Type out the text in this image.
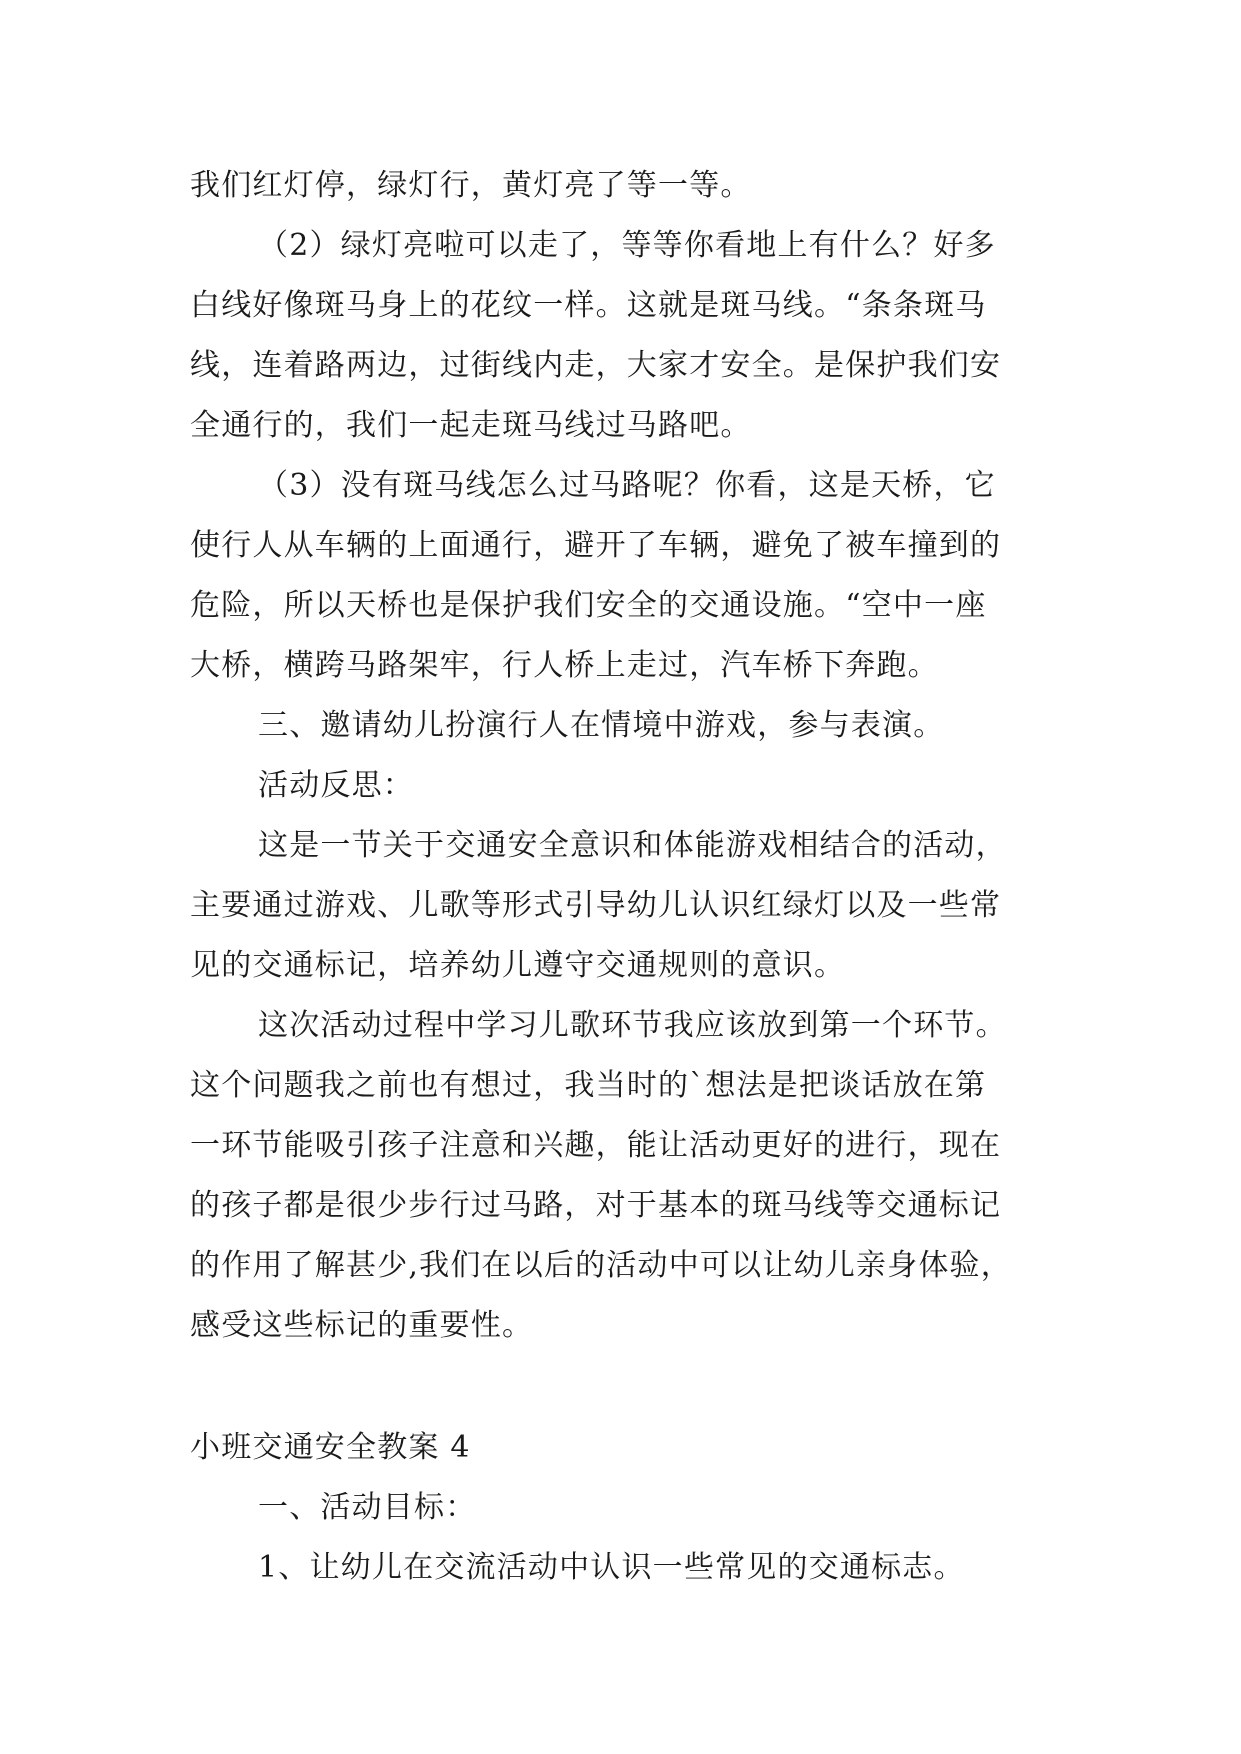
我们红灯停，绿灯行，黄灯亮了等一等。
（2）绿灯亮啦可以走了，等等你看地上有什么？好多
白线好像斑马身上的花纹一样。这就是斑马线。“条条斑马
线，连着路两边，过街线内走，大家才安全。是保护我们安
全通行的，我们一起走斑马线过马路吧。
（3）没有斑马线怎么过马路呢？你看，这是天桥，它
使行人从车辆的上面通行，避开了车辆，避免了被车撞到的
危险，所以天桥也是保护我们安全的交通设施。“空中一座
大桥，横跨马路架牢，行人桥上走过，汽车桥下奔跑。
三、邀请幼儿扮演行人在情境中游戏，参与表演。
活动反思：
这是一节关于交通安全意识和体能游戏相结合的活动，
主要通过游戏、儿歌等形式引导幼儿认识红绿灯以及一些常
见的交通标记，培养幼儿遵守交通规则的意识。
这次活动过程中学习儿歌环节我应该放到第一个环节。
这个问题我之前也有想过，我当时的`想法是把谈话放在第
一环节能吸引孩子注意和兴趣，能让活动更好的进行，现在
的孩子都是很少步行过马路，对于基本的斑马线等交通标记
的作用了解甚少,我们在以后的活动中可以让幼儿亲身体验，
感受这些标记的重要性。
小班交通安全教案 4
一、活动目标：
1、让幼儿在交流活动中认识一些常见的交通标志。
